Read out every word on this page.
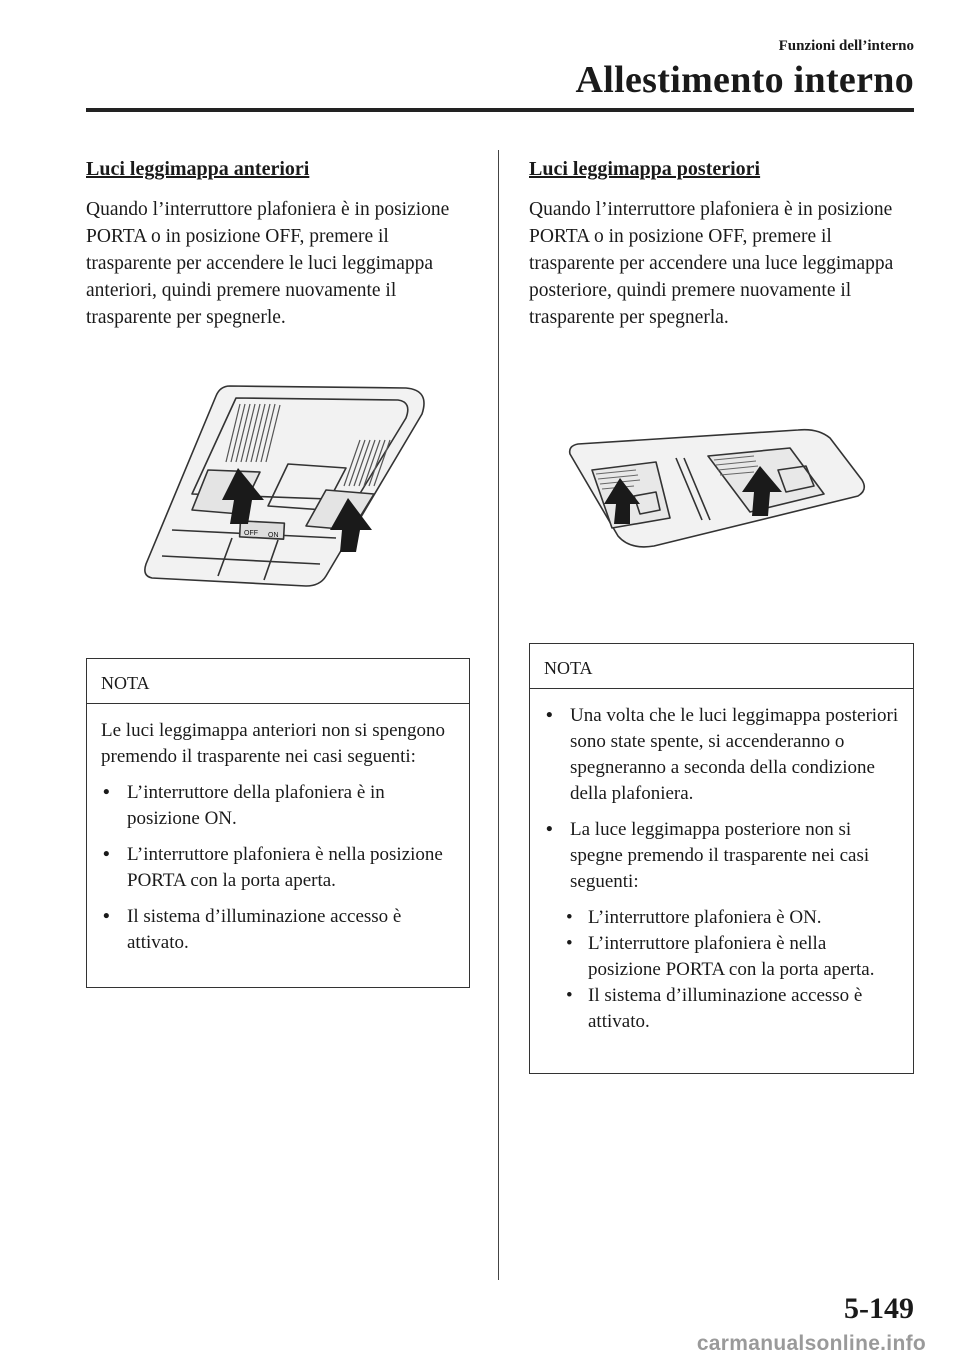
Funzioni dell’interno
Allestimento interno
Luci leggimappa anteriori

Quando l’interruttore plafoniera è in posizione PORTA o in posizione OFF, premere il trasparente per accendere le luci leggimappa anteriori, quindi premere nuovamente il trasparente per spegnerle.

OFF ON
NOTA

Le luci leggimappa anteriori non si spengono premendo il trasparente nei casi seguenti:

• L’interruttore della plafoniera è in posizione ON.
• L’interruttore plafoniera è nella posizione PORTA con la porta aperta.
• Il sistema d’illuminazione accesso è attivato.
Luci leggimappa posteriori

Quando l’interruttore plafoniera è in posizione PORTA o in posizione OFF, premere il trasparente per accendere una luce leggimappa posteriore, quindi premere nuovamente il trasparente per spegnerla.

NOTA
• Una volta che le luci leggimappa posteriori sono state spente, si accenderanno o spegneranno a seconda della condizione della plafoniera.
• La luce leggimappa posteriore non si spegne premendo il trasparente nei casi seguenti:
• L’interruttore plafoniera è ON.
• L’interruttore plafoniera è nella posizione PORTA con la porta aperta.
• Il sistema d’illuminazione accesso è attivato.
5-149
carmanualsonline.info
